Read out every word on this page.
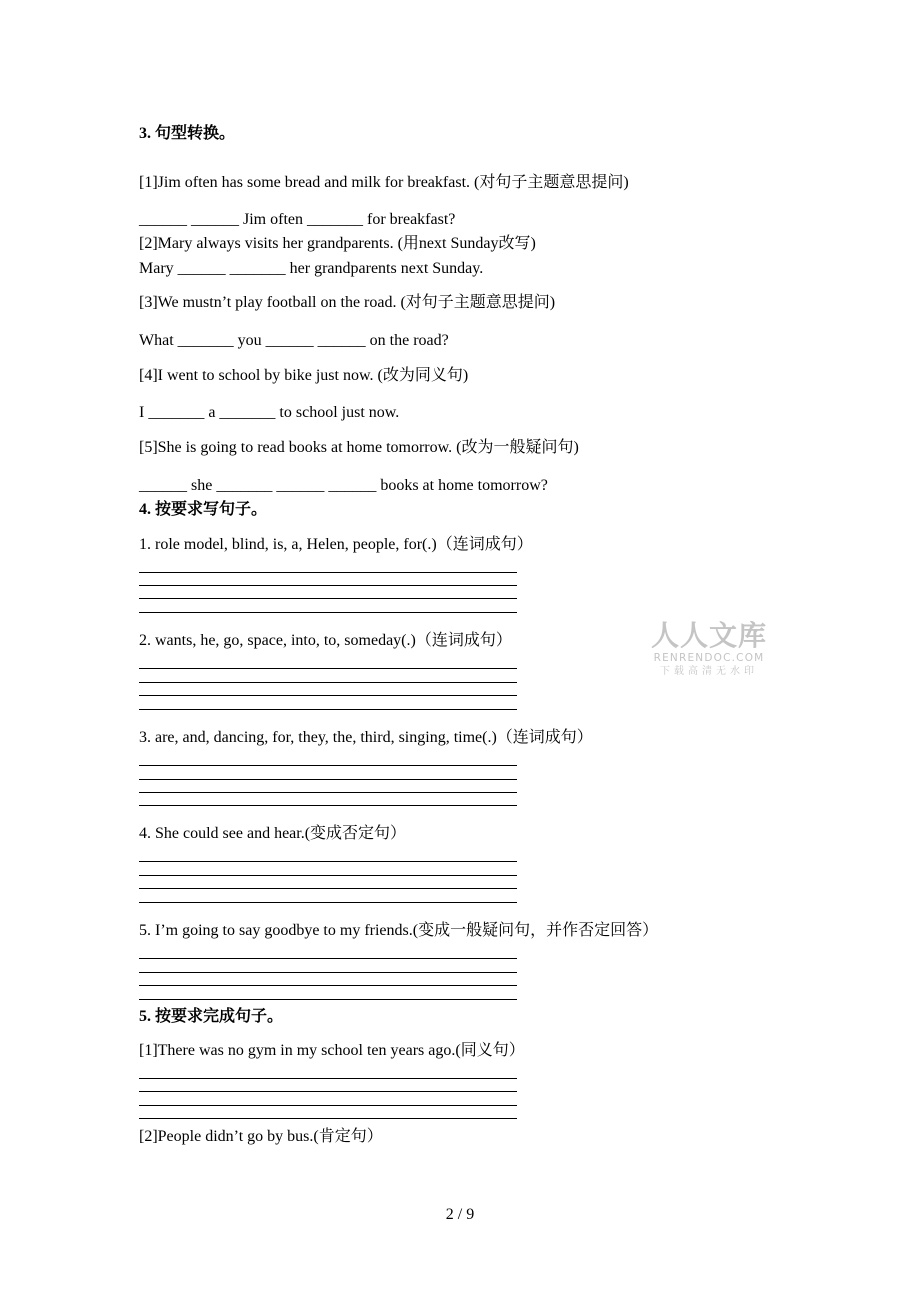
3. 句型转换。
[1]Jim often has some bread and milk for breakfast. (对句子主题意思提问)
______ ______ Jim often _______ for breakfast?
[2]Mary always visits her grandparents. (用next Sunday改写)
Mary ______ _______ her grandparents next Sunday.
[3]We mustn’t play football on the road. (对句子主题意思提问)
What _______ you ______ ______ on the road?
[4]I went to school by bike just now. (改为同义句)
I _______ a _______ to school just now.
[5]She is going to read books at home tomorrow. (改为一般疑问句)
______ she _______ ______ ______ books at home tomorrow?
4. 按要求写句子。
1. role model, blind, is, a, Helen, people, for(.)（连词成句）
2. wants, he, go, space, into, to, someday(.)（连词成句）
3. are, and, dancing, for, they, the, third, singing, time(.)（连词成句）
4. She could see and hear.(变成否定句）
5. I’m going to say goodbye to my friends.(变成一般疑问句，并作否定回答）
5. 按要求完成句子。
[1]There was no gym in my school ten years ago.(同义句）
[2]People didn’t go by bus.(肯定句）
人人文库
RENRENDOC.COM
下载高清无水印
2 / 9
